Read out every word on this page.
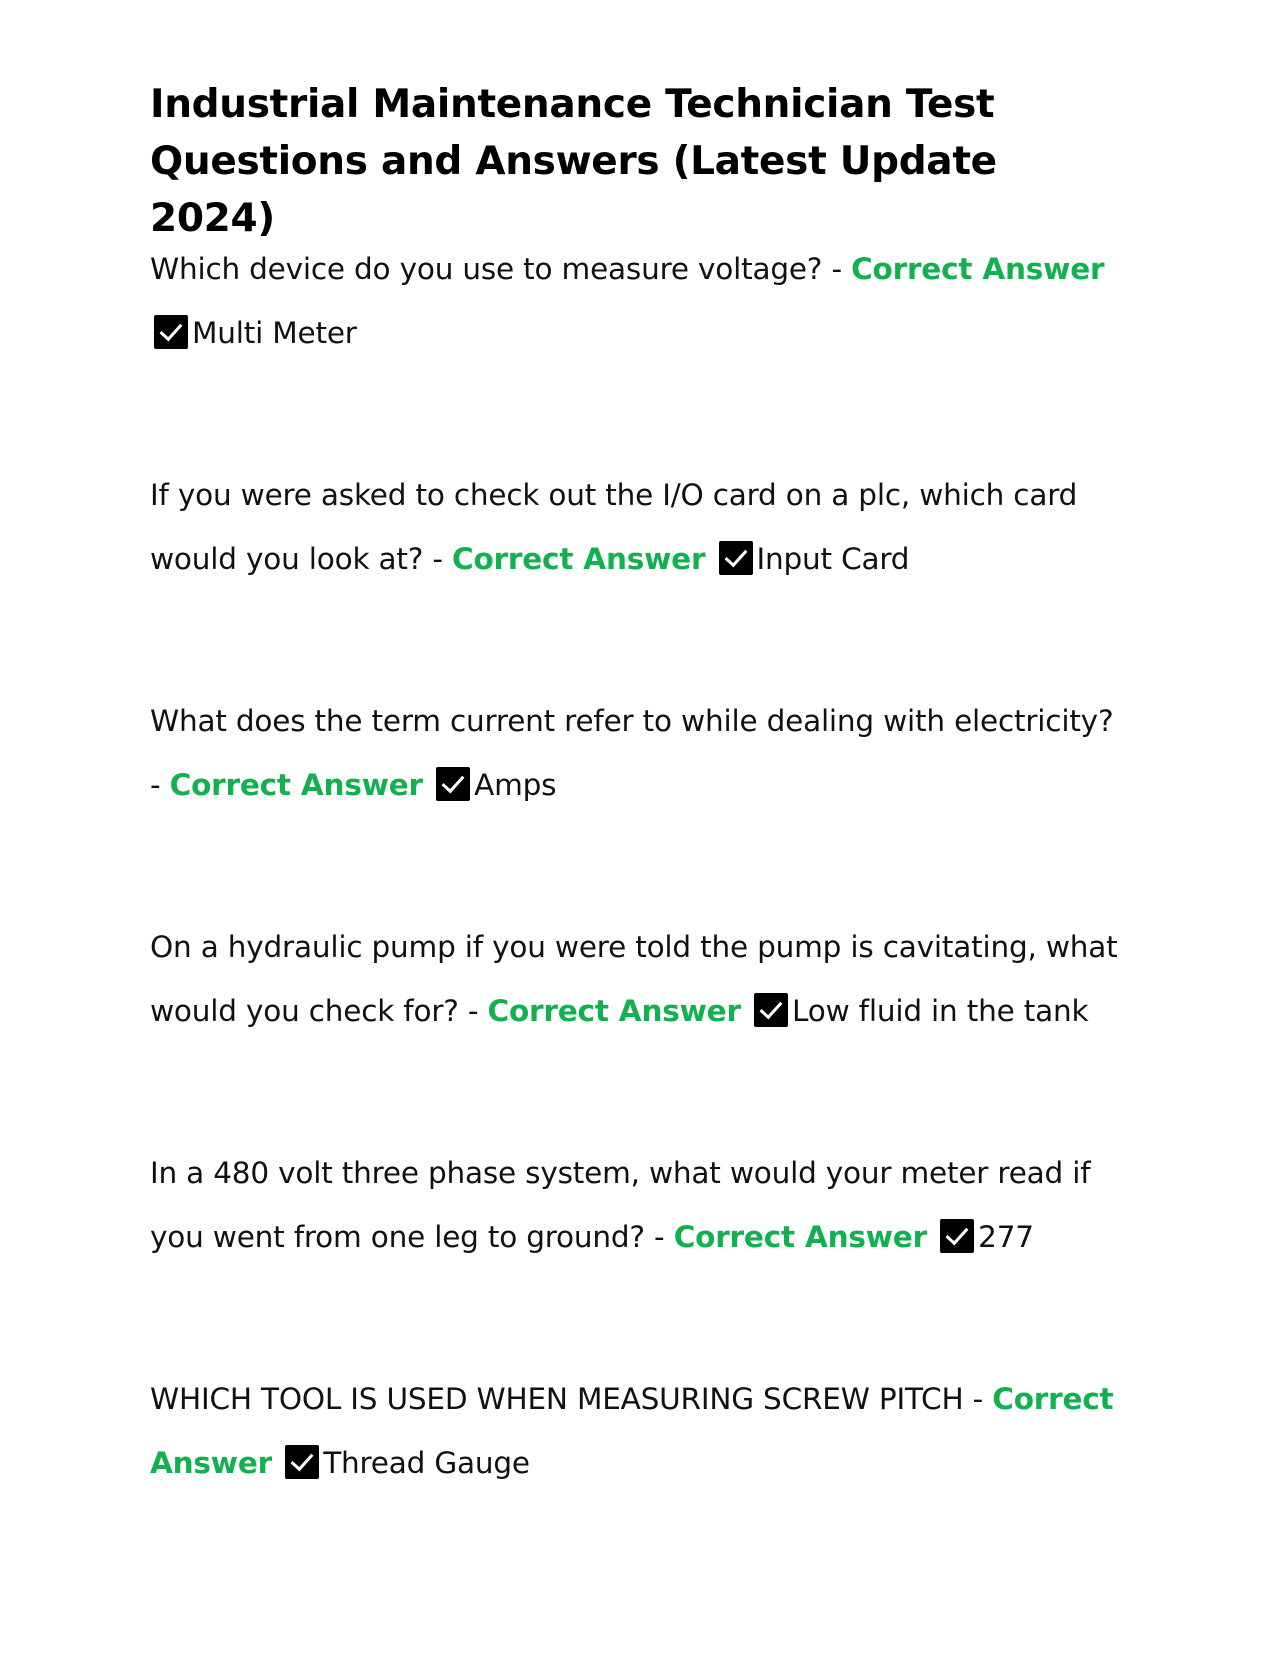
Industrial Maintenance Technician Test Questions and Answers (Latest Update 2024)

Which device do you use to measure voltage? - Correct Answer Multi Meter

If you were asked to check out the I/O card on a plc, which card would you look at? - Correct Answer Input Card

What does the term current refer to while dealing with electricity? - Correct Answer Amps

On a hydraulic pump if you were told the pump is cavitating, what would you check for? - Correct Answer Low fluid in the tank

In a 480 volt three phase system, what would your meter read if you went from one leg to ground? - Correct Answer 277

WHICH TOOL IS USED WHEN MEASURING SCREW PITCH - Correct Answer Thread Gauge
